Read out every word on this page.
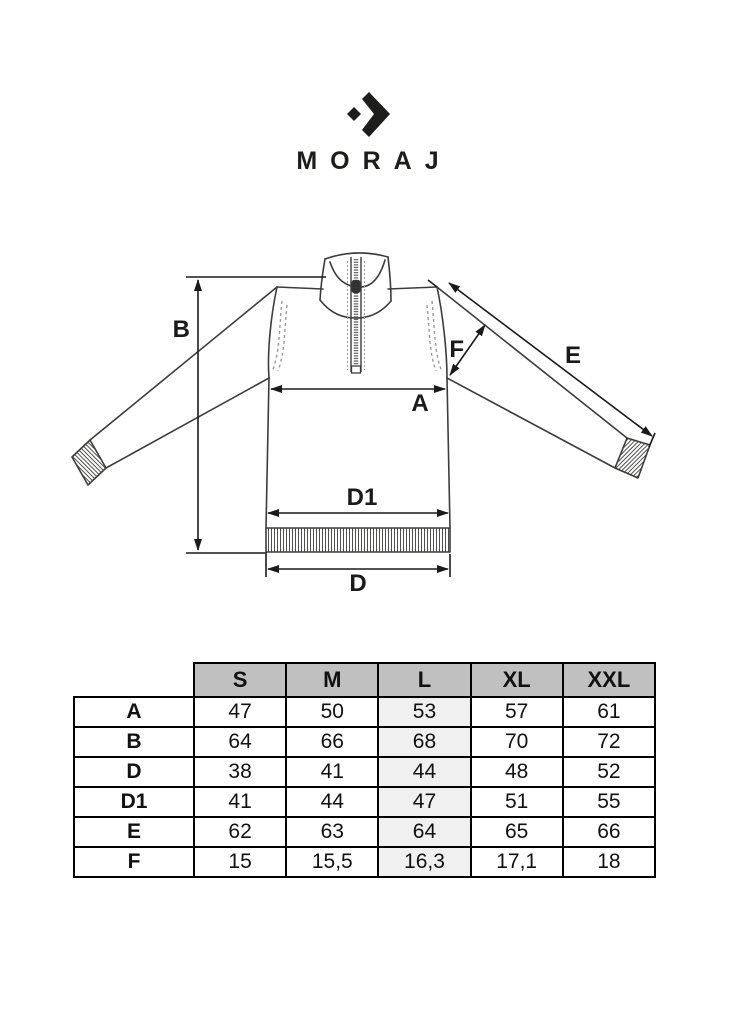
MORAJ
B
A
D1
D
E
F
	S	M	L	XL	XXL
A	47	50	53	57	61
B	64	66	68	70	72
D	38	41	44	48	52
D1	41	44	47	51	55
E	62	63	64	65	66
F	15	15,5	16,3	17,1	18
